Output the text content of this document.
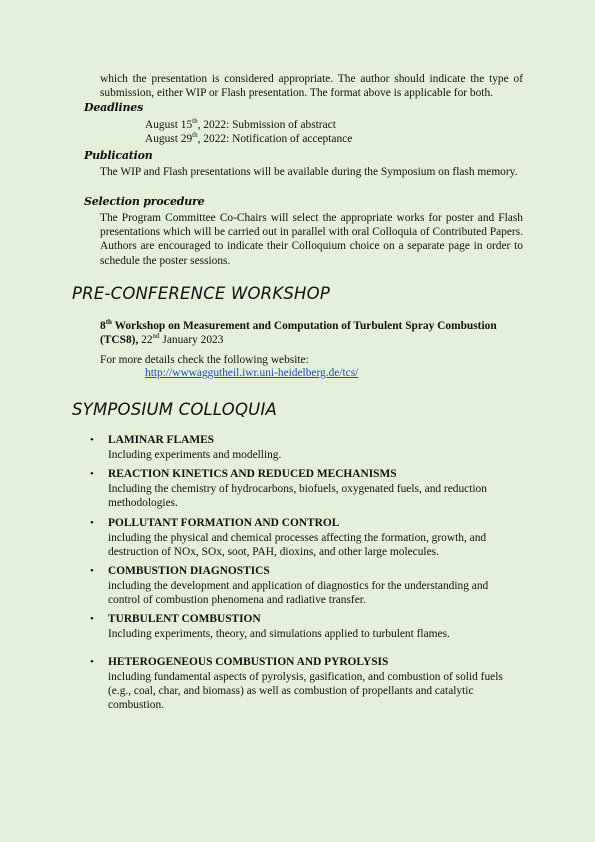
which the presentation is considered appropriate. The author should indicate the type of submission, either WIP or Flash presentation. The format above is applicable for both.

Deadlines

August 15th, 2022: Submission of abstract

August 29th, 2022: Notification of acceptance

Publication

The WIP and Flash presentations will be available during the Symposium on flash memory.

Selection procedure

The Program Committee Co-Chairs will select the appropriate works for poster and Flash presentations which will be carried out in parallel with oral Colloquia of Contributed Papers. Authors are encouraged to indicate their Colloquium choice on a separate page in order to schedule the poster sessions.

PRE-CONFERENCE WORKSHOP

8th Workshop on Measurement and Computation of Turbulent Spray Combustion (TCS8), 22nd January 2023

For more details check the following website:

http://wwwaggutheil.iwr.uni-heidelberg.de/tcs/
SYMPOSIUM COLLOQUIA
• LAMINAR FLAMES
Including experiments and modelling.
• REACTION KINETICS AND REDUCED MECHANISMS
Including the chemistry of hydrocarbons, biofuels, oxygenated fuels, and reduction methodologies.
• POLLUTANT FORMATION AND CONTROL
including the physical and chemical processes affecting the formation, growth, and destruction of NOx, SOx, soot, PAH, dioxins, and other large molecules.
• COMBUSTION DIAGNOSTICS
including the development and application of diagnostics for the understanding and control of combustion phenomena and radiative transfer.
• TURBULENT COMBUSTION
Including experiments, theory, and simulations applied to turbulent flames.
• HETEROGENEOUS COMBUSTION AND PYROLYSIS
including fundamental aspects of pyrolysis, gasification, and combustion of solid fuels (e.g., coal, char, and biomass) as well as combustion of propellants and catalytic combustion.
